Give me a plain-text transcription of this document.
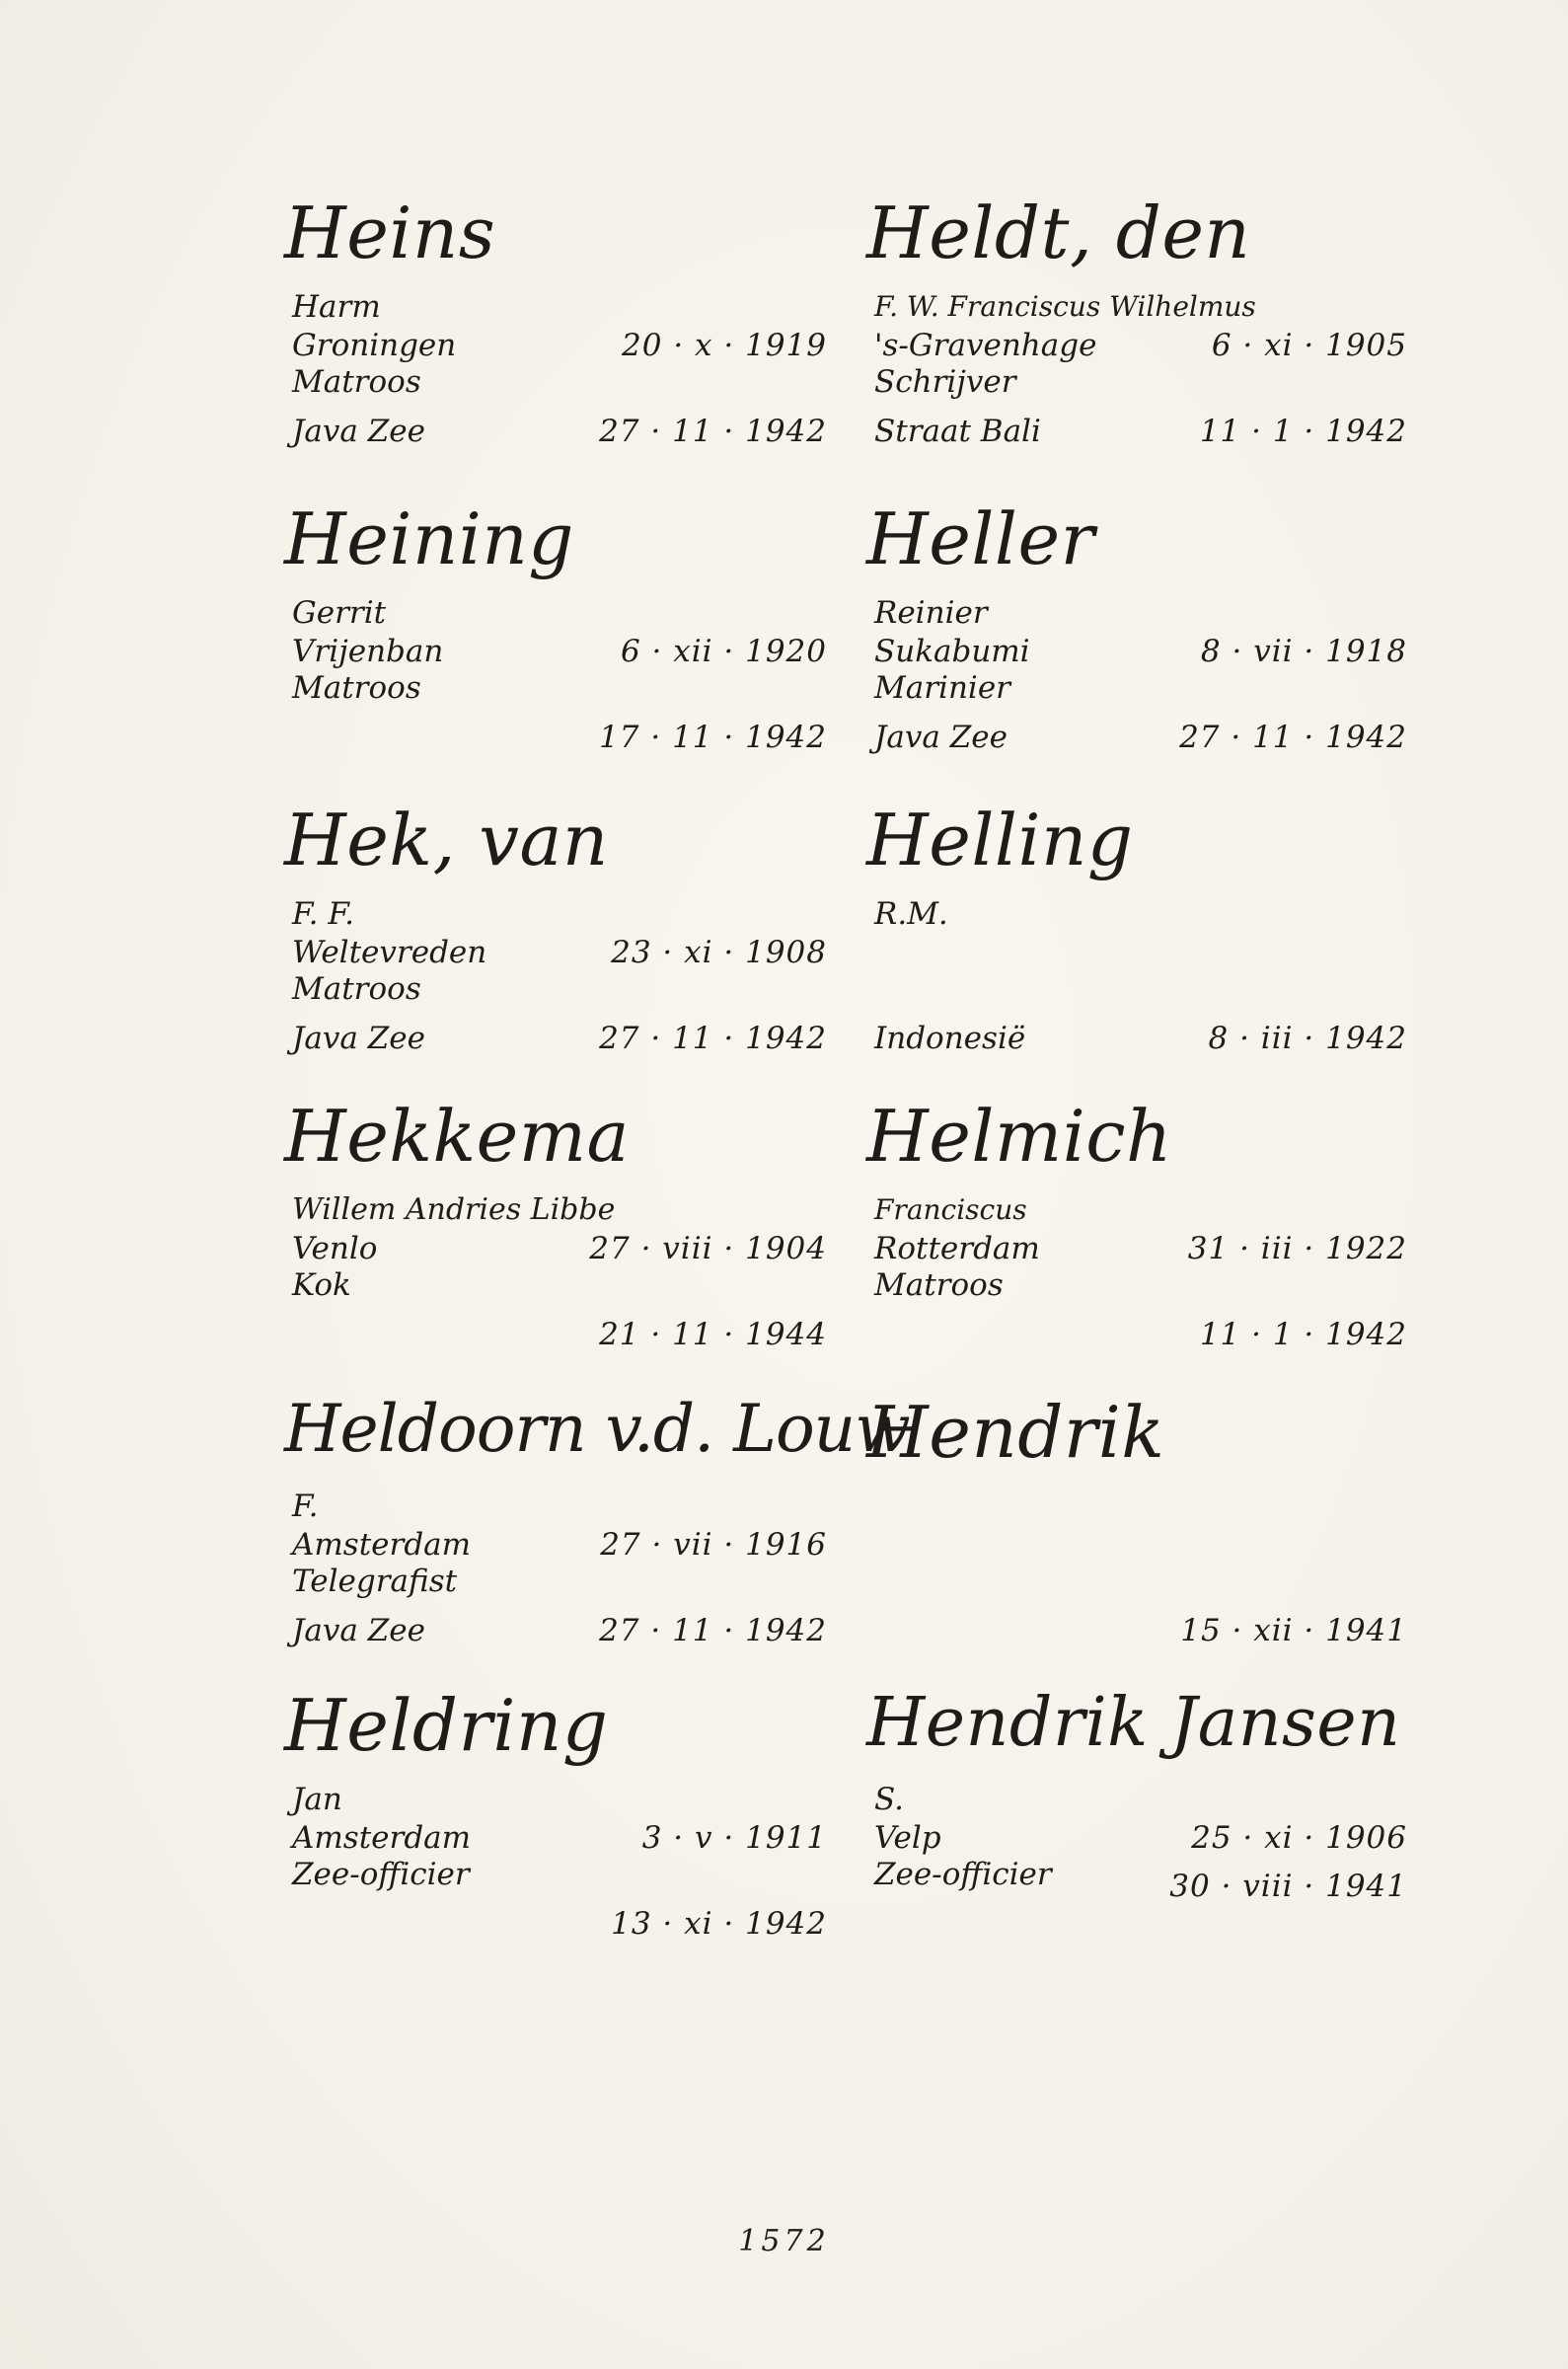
Heins
Harm
Groningen	20 · x · 1919
Matroos
Java Zee	27 · 11 · 1942
Heining
Gerrit
Vrijenban	6 · xii · 1920
Matroos
17 · 11 · 1942
Hek, van
F. F.
Weltevreden	23 · xi · 1908
Matroos
Java Zee	27 · 11 · 1942
Hekkema
Willem Andries Libbe
Venlo	27 · viii · 1904
Kok
21 · 11 · 1944
Heldoorn v.d. Louw
F.
Amsterdam	27 · vii · 1916
Telegrafist
Java Zee	27 · 11 · 1942
Heldring
Jan
Amsterdam	3 · v · 1911
Zee-officier
13 · xi · 1942
Heldt, den
F. W. Franciscus Wilhelmus
's-Gravenhage	6 · xi · 1905
Schrijver
Straat Bali	11 · 1 · 1942
Heller
Reinier
Sukabumi	8 · vii · 1918
Marinier
Java Zee	27 · 11 · 1942
Helling
R.M.
Indonesië	8 · iii · 1942
Helmich
Franciscus
Rotterdam	31 · iii · 1922
Matroos
11 · 1 · 1942
Hendrik
15 · xii · 1941
Hendrik Jansen
S.
Velp	25 · xi · 1906
Zee-officier	30 · viii · 1941
1572
